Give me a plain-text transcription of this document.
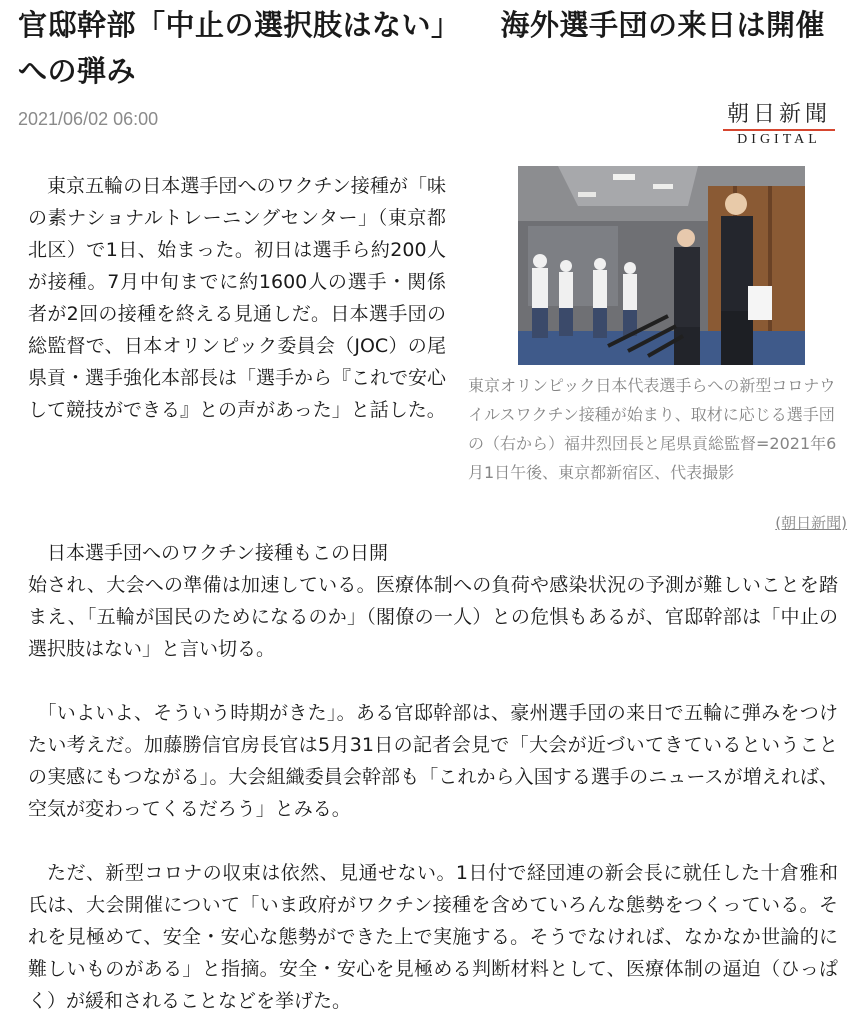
官邸幹部「中止の選択肢はない」 海外選手団の来日は開催への弾み
2021/06/02 06:00	朝日新聞
DIGITAL
東京オリンピック日本代表選手らへの新型コロナウイルスワクチン接種が始まり、取材に応じる選手団の（右から）福井烈団長と尾県貢総監督=2021年6月1日午後、東京都新宿区、代表撮影
(朝日新聞)

東京五輪の日本選手団へのワクチン接種が「味の素ナショナルトレーニングセンター」（東京都北区）で1日、始まった。初日は選手ら約200人が接種。7月中旬までに約1600人の選手・関係者が2回の接種を終える見通しだ。日本選手団の総監督で、日本オリンピック委員会（JOC）の尾県貢・選手強化本部長は「選手から『これで安心して競技ができる』との声があった」と話した。

日本選手団へのワクチン接種もこの日開

始され、大会への準備は加速している。医療体制への負荷や感染状況の予測が難しいことを踏まえ、「五輪が国民のためになるのか」（閣僚の一人）との危惧もあるが、官邸幹部は「中止の選択肢はない」と言い切る。

「いよいよ、そういう時期がきた」。ある官邸幹部は、豪州選手団の来日で五輪に弾みをつけたい考えだ。加藤勝信官房長官は5月31日の記者会見で「大会が近づいてきているということの実感にもつながる」。大会組織委員会幹部も「これから入国する選手のニュースが増えれば、空気が変わってくるだろう」とみる。

ただ、新型コロナの収束は依然、見通せない。1日付で経団連の新会長に就任した十倉雅和氏は、大会開催について「いま政府がワクチン接種を含めていろんな態勢をつくっている。それを見極めて、安全・安心な態勢ができた上で実施する。そうでなければ、なかなか世論的に難しいものがある」と指摘。安全・安心を見極める判断材料として、医療体制の逼迫（ひっぱく）が緩和されることなどを挙げた。
